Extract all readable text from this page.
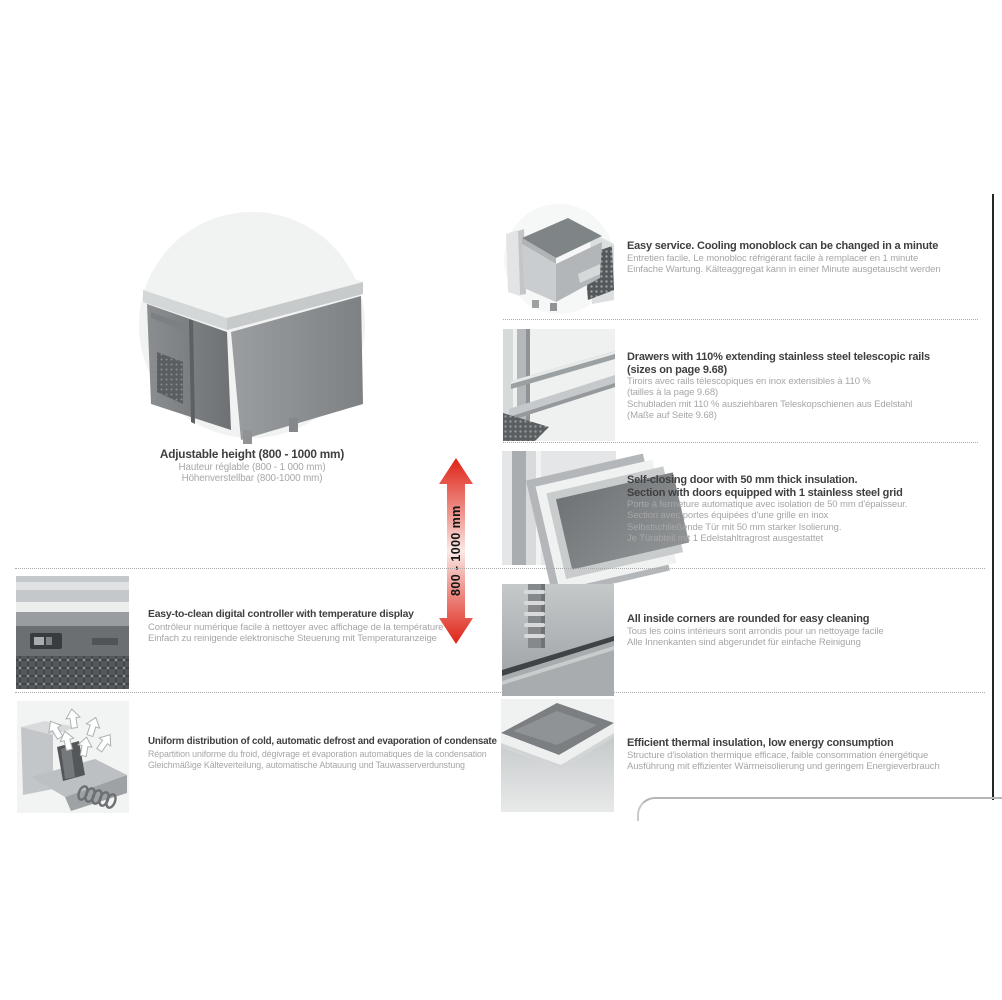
800 - 1000 mm
Adjustable height (800 - 1000 mm)
Hauteur réglable (800 - 1 000 mm)
Höhenverstellbar (800-1000 mm)
Easy service. Cooling monoblock can be changed in a minute
Entretien facile. Le monobloc réfrigérant facile à remplacer en 1 minute
Einfache Wartung. Kälteaggregat kann in einer Minute ausgetauscht werden
Drawers with 110% extending stainless steel telescopic rails
(sizes on page 9.68)
Tiroirs avec rails télescopiques en inox extensibles à 110 %
(tailles à la page 9.68)
Schubladen mit 110 % ausziehbaren Teleskopschienen aus Edelstahl
(Maße auf Seite 9.68)
Self-closing door with 50 mm thick insulation.
Section with doors equipped with 1 stainless steel grid
Porte à fermeture automatique avec isolation de 50 mm d'épaisseur.
Section avec portes équipées d'une grille en inox
Selbstschließende Tür mit 50 mm starker Isolierung.
Je Türabteil mit 1 Edelstahltragrost ausgestattet
All inside corners are rounded for easy cleaning
Tous les coins intérieurs sont arrondis pour un nettoyage facile
Alle Innenkanten sind abgerundet für einfache Reinigung
Efficient thermal insulation, low energy consumption
Structure d'isolation thermique efficace, faible consommation énergétique
Ausführung mit effizienter Wärmeisolierung und geringem Energieverbrauch
Easy-to-clean digital controller with temperature display
Contrôleur numérique facile à nettoyer avec affichage de la température
Einfach zu reinigende elektronische Steuerung mit Temperaturanzeige
Uniform distribution of cold, automatic defrost and evaporation of condensate
Répartition uniforme du froid, dégivrage et évaporation automatiques de la condensation
Gleichmäßige Kälteverteilung, automatische Abtauung und Tauwasserverdunstung
